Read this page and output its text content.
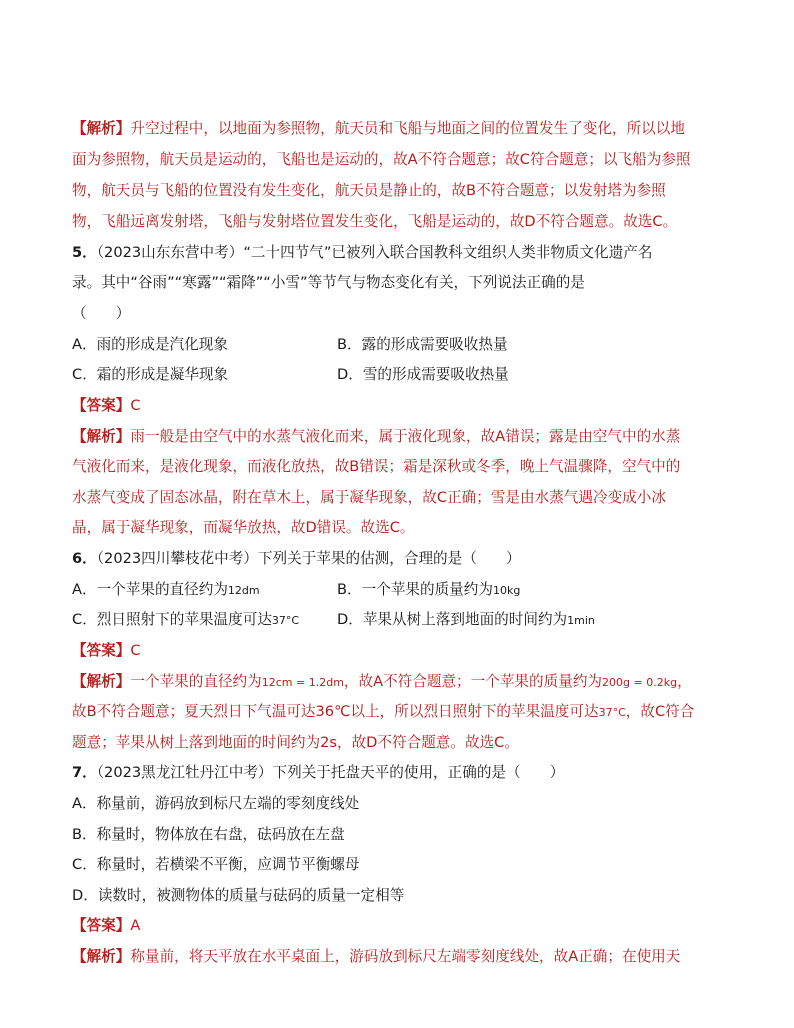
【解析】升空过程中，以地面为参照物，航天员和飞船与地面之间的位置发生了变化，所以以地
面为参照物，航天员是运动的，飞船也是运动的，故A不符合题意；故C符合题意；以飞船为参照
物，航天员与飞船的位置没有发生变化，航天员是静止的，故B不符合题意；以发射塔为参照
物，飞船远离发射塔，飞船与发射塔位置发生变化，飞船是运动的，故D不符合题意。故选C。
5．（2023山东东营中考）“二十四节气”已被列入联合国教科文组织人类非物质文化遗产名
录。其中“谷雨”“寒露”“霜降”“小雪”等节气与物态变化有关，下列说法正确的是
（　　）
A．雨的形成是汽化现象	B．露的形成需要吸收热量
C．霜的形成是凝华现象	D．雪的形成需要吸收热量
【答案】C
【解析】雨一般是由空气中的水蒸气液化而来，属于液化现象，故A错误；露是由空气中的水蒸
气液化而来，是液化现象，而液化放热，故B错误；霜是深秋或冬季，晚上气温骤降，空气中的
水蒸气变成了固态冰晶，附在草木上，属于凝华现象，故C正确；雪是由水蒸气遇冷变成小冰
晶，属于凝华现象，而凝华放热，故D错误。故选C。
6．（2023四川攀枝花中考）下列关于苹果的估测，合理的是（　　）
A．一个苹果的直径约为12dm	B．一个苹果的质量约为10kg
C．烈日照射下的苹果温度可达37°C	D．苹果从树上落到地面的时间约为1min
【答案】C
【解析】一个苹果的直径约为12cm = 1.2dm，故A不符合题意；一个苹果的质量约为200g = 0.2kg，
故B不符合题意；夏天烈日下气温可达36℃以上，所以烈日照射下的苹果温度可达37°C，故C符合
题意；苹果从树上落到地面的时间约为2s，故D不符合题意。故选C。
7．（2023黑龙江牡丹江中考）下列关于托盘天平的使用，正确的是（　　）
A．称量前，游码放到标尺左端的零刻度线处
B．称量时，物体放在右盘，砝码放在左盘
C．称量时，若横梁不平衡，应调节平衡螺母
D．读数时，被测物体的质量与砝码的质量一定相等
【答案】A
【解析】称量前，将天平放在水平桌面上，游码放到标尺左端零刻度线处，故A正确；在使用天
